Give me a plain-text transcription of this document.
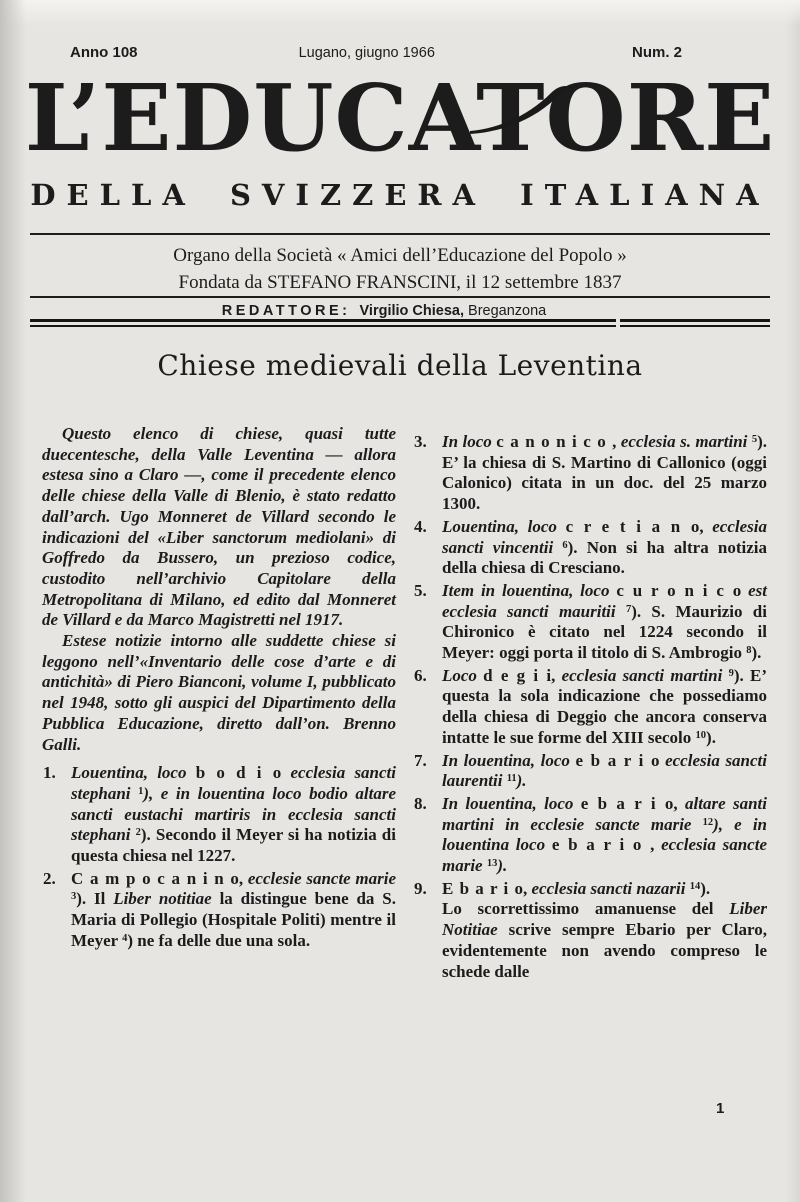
Anno 108	Lugano, giugno 1966	Num. 2
L’EDUCATORE
DELLA SVIZZERA ITALIANA
Organo della Società « Amici dell’Educazione del Popolo »
Fondata da STEFANO FRANSCINI, il 12 settembre 1837
REDATTORE: Virgilio Chiesa, Breganzona
Chiese medievali della Leventina

Questo elenco di chiese, quasi tutte duecentesche, della Valle Leventina — allora estesa sino a Claro —, come il precedente elenco delle chiese della Valle di Blenio, è stato redatto dall’arch. Ugo Monneret de Villard secondo le indicazioni del «Liber sanctorum mediolani» di Goffredo da Bussero, un prezioso codice, custodito nell’archivio Capitolare della Metropolitana di Milano, ed edito dal Monneret de Villard e da Marco Magistretti nel 1917.

Estese notizie intorno alle suddette chiese si leggono nell’«Inventario delle cose d’arte e di antichità» di Piero Bianconi, volume I, pubblicato nel 1948, sotto gli auspici del Dipartimento della Pubblica Educazione, diretto dall’on. Brenno Galli.

1. Louentina, loco b o d i o ecclesia sancti stephani $^1$), e in louentina loco bodio altare sancti eustachi martiris in ecclesia sancti stephani $^2$). Secondo il Meyer si ha notizia di questa chiesa nel 1227.
2. C a m p o c a n i n o, ecclesie sancte marie $^3$). Il Liber notitiae la distingue bene da S. Maria di Pollegio (Hospitale Politi) mentre il Meyer $^4$) ne fa delle due una sola.
3. In loco c a n o n i c o , ecclesia s. martini $^5$). E’ la chiesa di S. Martino di Callonico (oggi Calonico) citata in un doc. del 25 marzo 1300.
4. Louentina, loco c r e t i a n o, ecclesia sancti vincentii $^6$). Non si ha altra notizia della chiesa di Cresciano.
5. Item in louentina, loco c u r o n i c o est ecclesia sancti mauritii $^7$). S. Maurizio di Chironico è citato nel 1224 secondo il Meyer: oggi porta il titolo di S. Ambrogio $^8$).
6. Loco d e g i i, ecclesia sancti martini $^9$). E’ questa la sola indicazione che possediamo della chiesa di Deggio che ancora conserva intatte le sue forme del XIII secolo $^{10}$).
7. In louentina, loco e b a r i o ecclesia sancti laurentii $^{11}$).
8. In louentina, loco e b a r i o, altare santi martini in ecclesie sancte marie $^{12}$), e in louentina loco e b a r i o , ecclesia sancte marie $^{13}$).
9. E b a r i o, ecclesia sancti nazarii $^{14}$).
Lo scorrettissimo amanuense del Liber Notitiae scrive sempre Ebario per Claro, evidentemente non avendo compreso le schede dalle
1
